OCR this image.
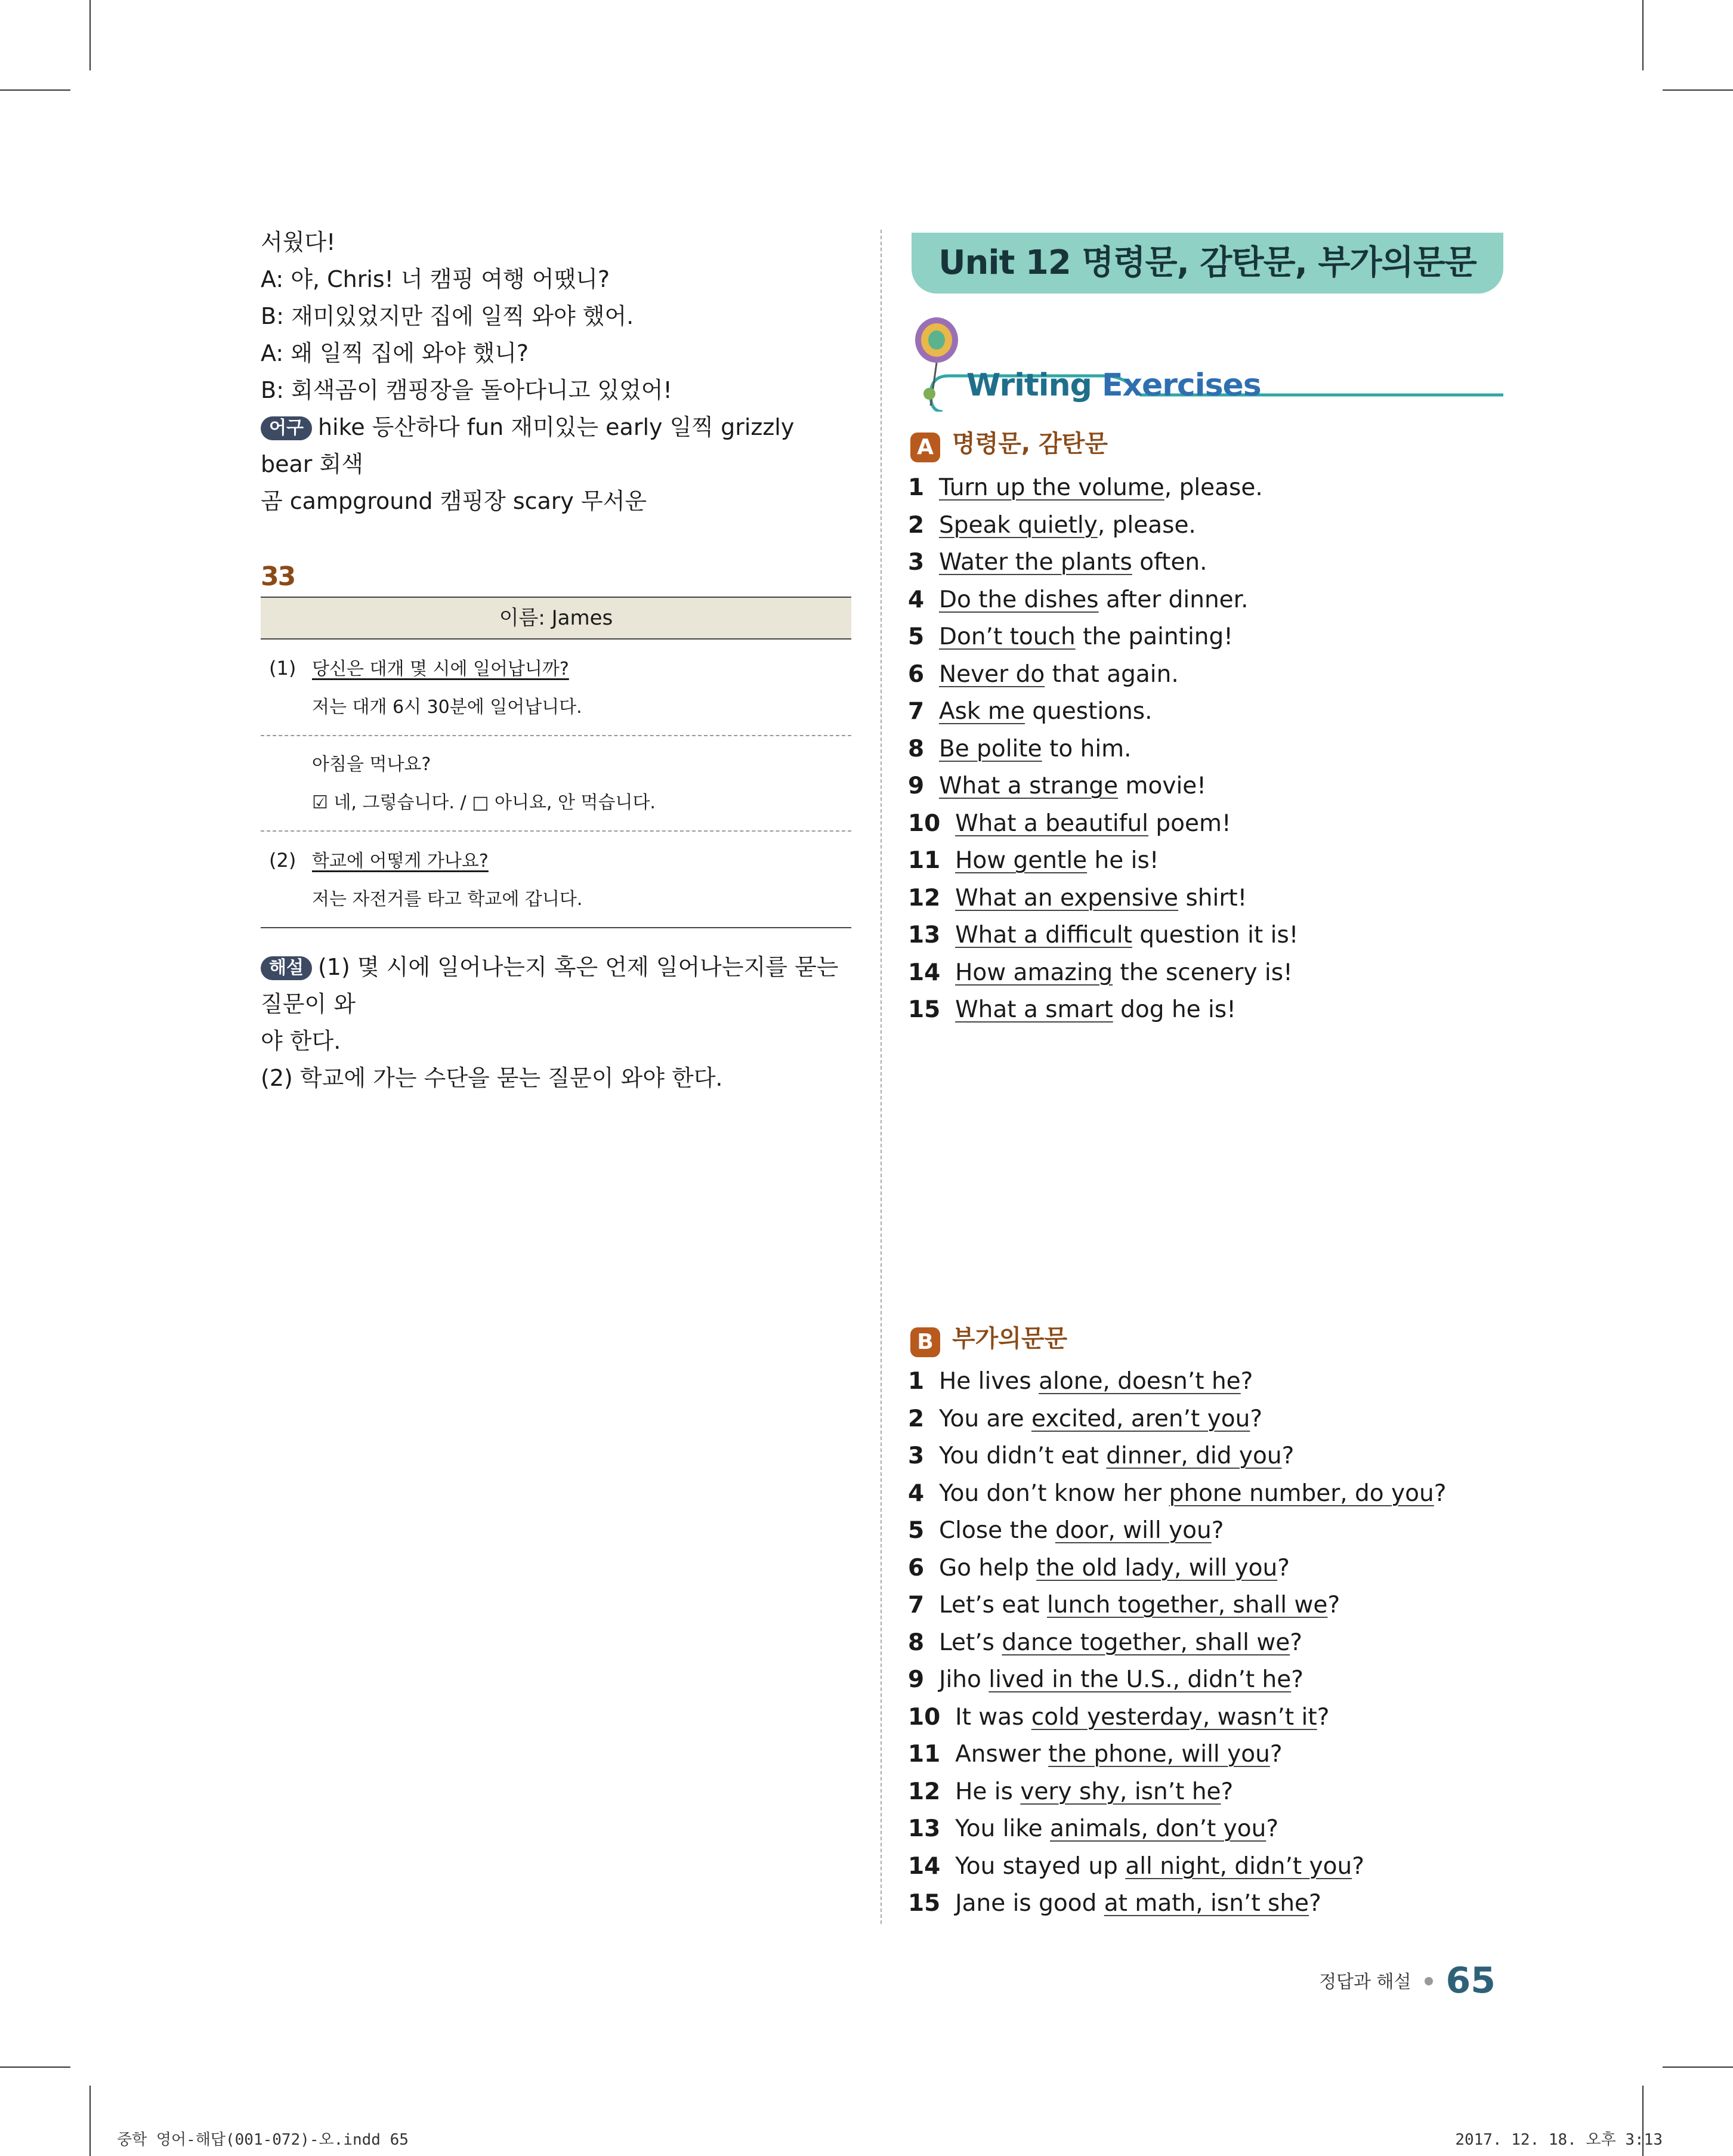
서웠다!
A: 야, Chris! 너 캠핑 여행 어땠니?
B: 재미있었지만 집에 일찍 와야 했어.
A: 왜 일찍 집에 와야 했니?
B: 회색곰이 캠핑장을 돌아다니고 있었어!
어구 hike 등산하다 fun 재미있는 early 일찍 grizzly bear 회색
곰 campground 캠핑장 scary 무서운
33
이름: James
(1) 당신은 대개 몇 시에 일어납니까?
저는 대개 6시 30분에 일어납니다.
아침을 먹나요?
☑ 네, 그렇습니다. / □ 아니요, 안 먹습니다.
(2) 학교에 어떻게 가나요?
저는 자전거를 타고 학교에 갑니다.
해설 (1) 몇 시에 일어나는지 혹은 언제 일어나는지를 묻는 질문이 와
야 한다.
(2) 학교에 가는 수단을 묻는 질문이 와야 한다.
Unit 12 명령문, 감탄문, 부가의문문
Writing Exercises
A 명령문, 감탄문
1 Turn up the volume, please.
2 Speak quietly, please.
3 Water the plants often.
4 Do the dishes after dinner.
5 Don’t touch the painting!
6 Never do that again.
7 Ask me questions.
8 Be polite to him.
9 What a strange movie!
10 What a beautiful poem!
11 How gentle he is!
12 What an expensive shirt!
13 What a difficult question it is!
14 How amazing the scenery is!
15 What a smart dog he is!
B 부가의문문
1 He lives alone, doesn’t he?
2 You are excited, aren’t you?
3 You didn’t eat dinner, did you?
4 You don’t know her phone number, do you?
5 Close the door, will you?
6 Go help the old lady, will you?
7 Let’s eat lunch together, shall we?
8 Let’s dance together, shall we?
9 Jiho lived in the U.S., didn’t he?
10 It was cold yesterday, wasn’t it?
11 Answer the phone, will you?
12 He is very shy, isn’t he?
13 You like animals, don’t you?
14 You stayed up all night, didn’t you?
15 Jane is good at math, isn’t she?
정답과 해설 65
중학 영어-해답(001-072)-오.indd 65	2017. 12. 18. 오후 3:13
